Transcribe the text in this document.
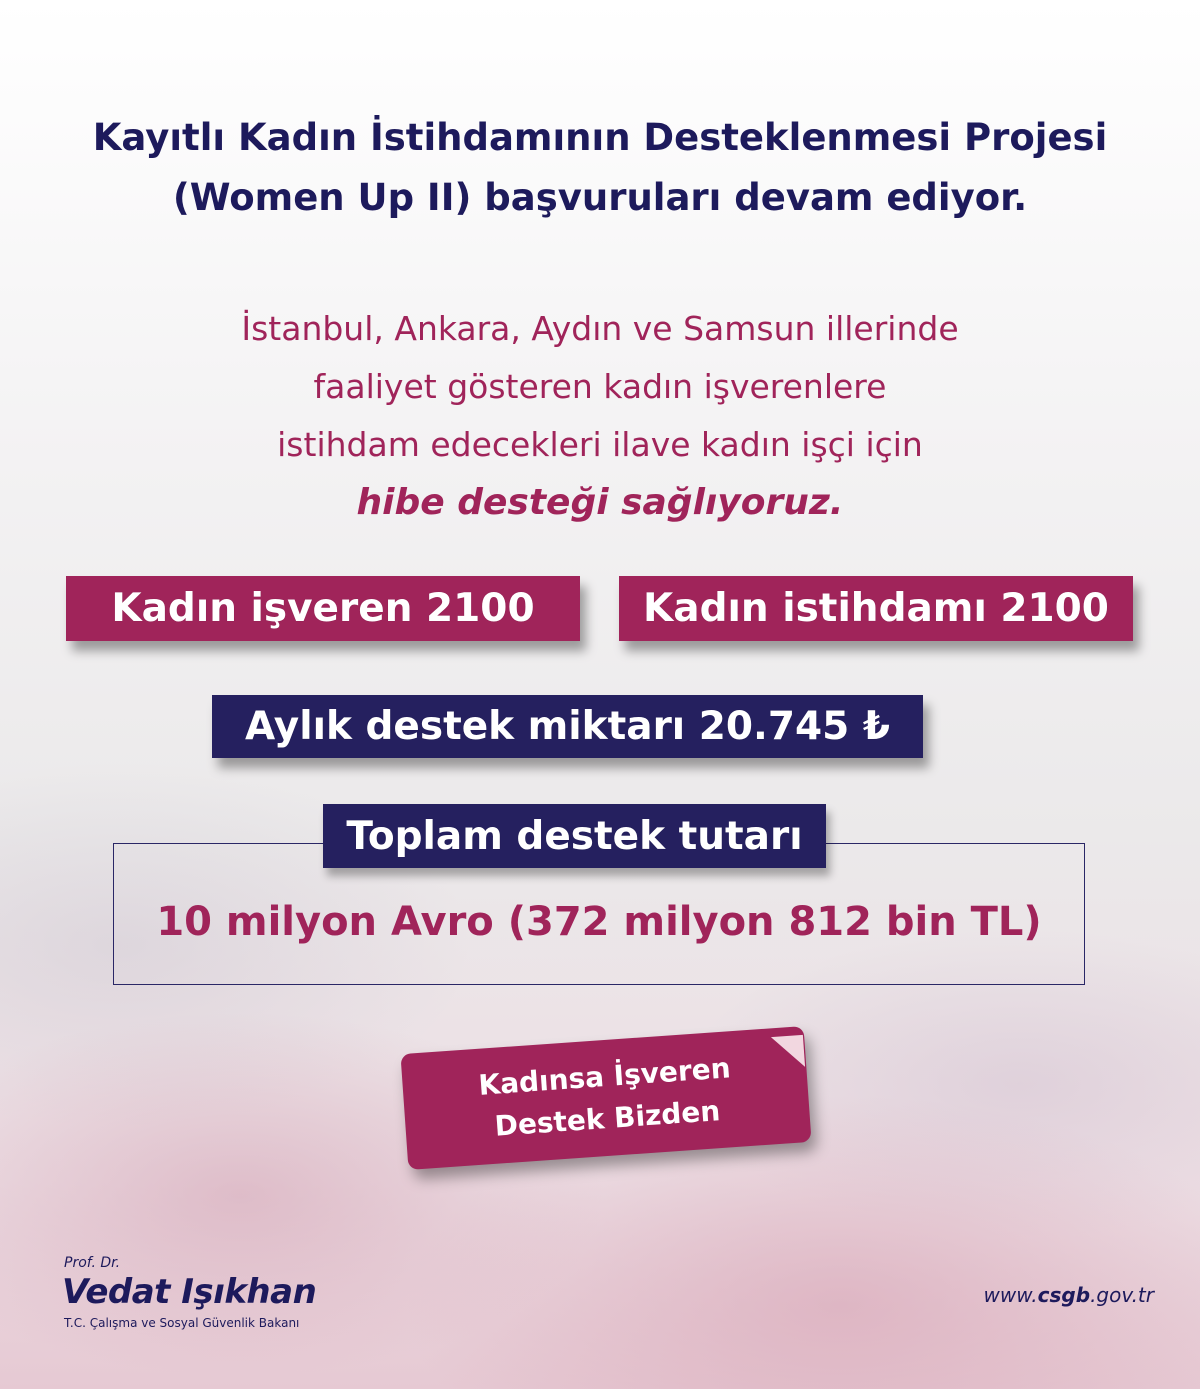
Kayıtlı Kadın İstihdamının Desteklenmesi Projesi
(Women Up II) başvuruları devam ediyor.
İstanbul, Ankara, Aydın ve Samsun illerinde
faaliyet gösteren kadın işverenlere
istihdam edecekleri ilave kadın işçi için
hibe desteği sağlıyoruz.
Kadın işveren 2100	Kadın istihdamı 2100
Aylık destek miktarı 20.745 ₺
Toplam destek tutarı
10 milyon Avro (372 milyon 812 bin TL)
Kadınsa İşveren
Destek Bizden
Prof. Dr.
Vedat Işıkhan
T.C. Çalışma ve Sosyal Güvenlik Bakanı
www.csgb.gov.tr
